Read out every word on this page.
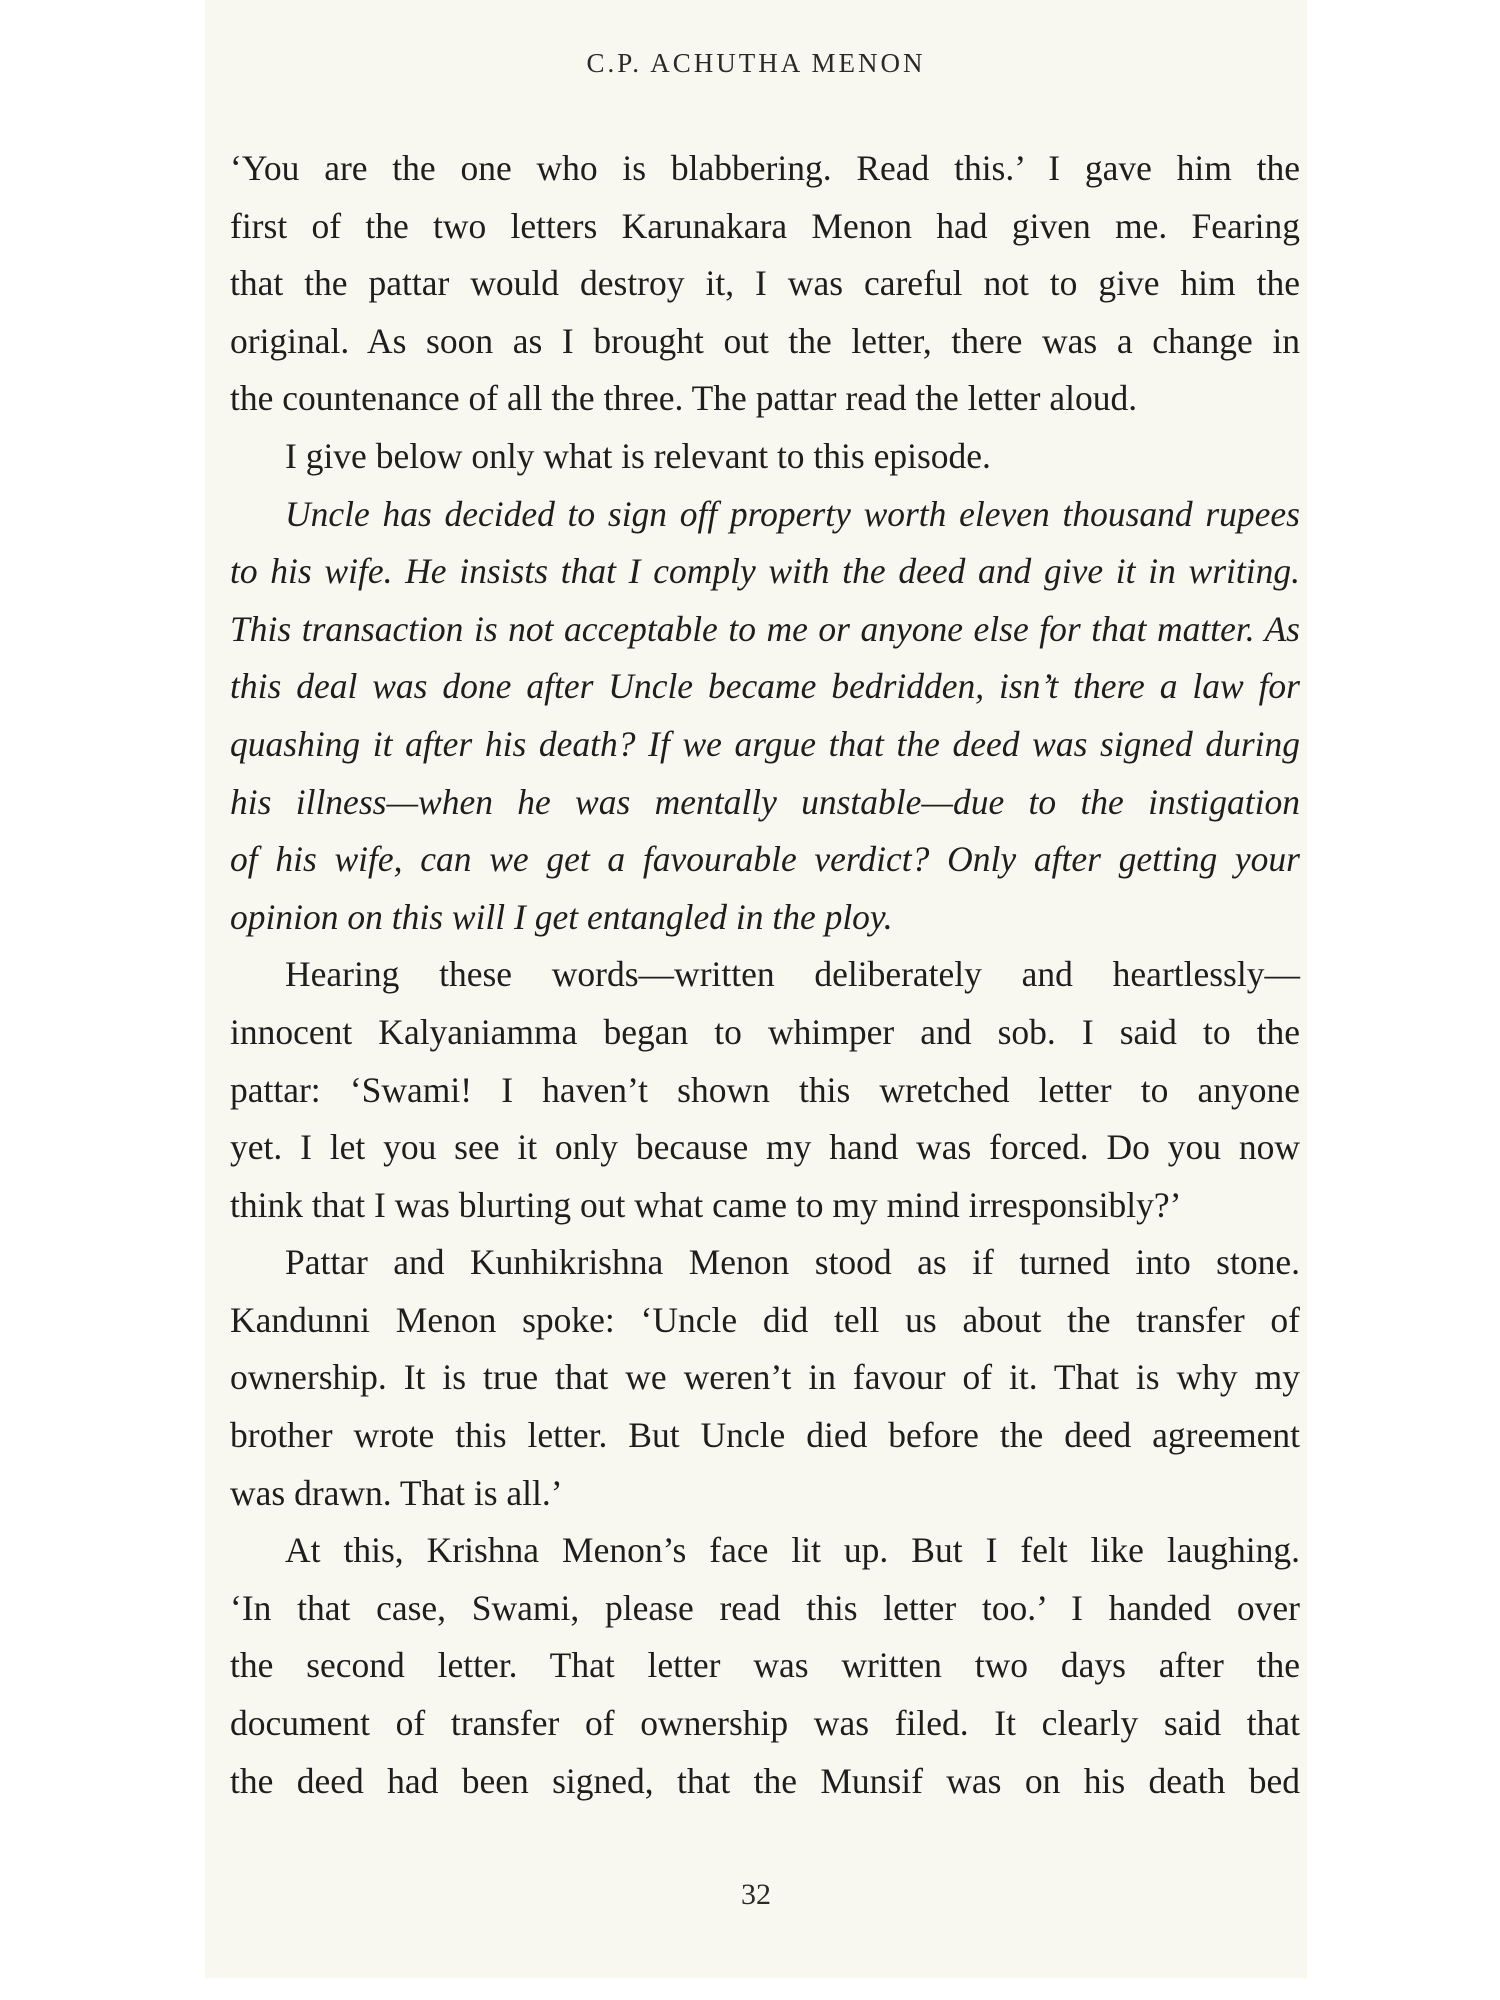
C.P. ACHUTHA MENON
‘You are the one who is blabbering. Read this.’ I gave him the
first of the two letters Karunakara Menon had given me. Fearing
that the pattar would destroy it, I was careful not to give him the
original. As soon as I brought out the letter, there was a change in
the countenance of all the three. The pattar read the letter aloud.
I give below only what is relevant to this episode.
Uncle has decided to sign off property worth eleven thousand rupees
to his wife. He insists that I comply with the deed and give it in writing.
This transaction is not acceptable to me or anyone else for that matter. As
this deal was done after Uncle became bedridden, isn’t there a law for
quashing it after his death? If we argue that the deed was signed during
his illness—when he was mentally unstable—due to the instigation
of his wife, can we get a favourable verdict? Only after getting your
opinion on this will I get entangled in the ploy.
Hearing these words—written deliberately and heartlessly—
innocent Kalyaniamma began to whimper and sob. I said to the
pattar: ‘Swami! I haven’t shown this wretched letter to anyone
yet. I let you see it only because my hand was forced. Do you now
think that I was blurting out what came to my mind irresponsibly?’
Pattar and Kunhikrishna Menon stood as if turned into stone.
Kandunni Menon spoke: ‘Uncle did tell us about the transfer of
ownership. It is true that we weren’t in favour of it. That is why my
brother wrote this letter. But Uncle died before the deed agreement
was drawn. That is all.’
At this, Krishna Menon’s face lit up. But I felt like laughing.
‘In that case, Swami, please read this letter too.’ I handed over
the second letter. That letter was written two days after the
document of transfer of ownership was filed. It clearly said that
the deed had been signed, that the Munsif was on his death bed
32
